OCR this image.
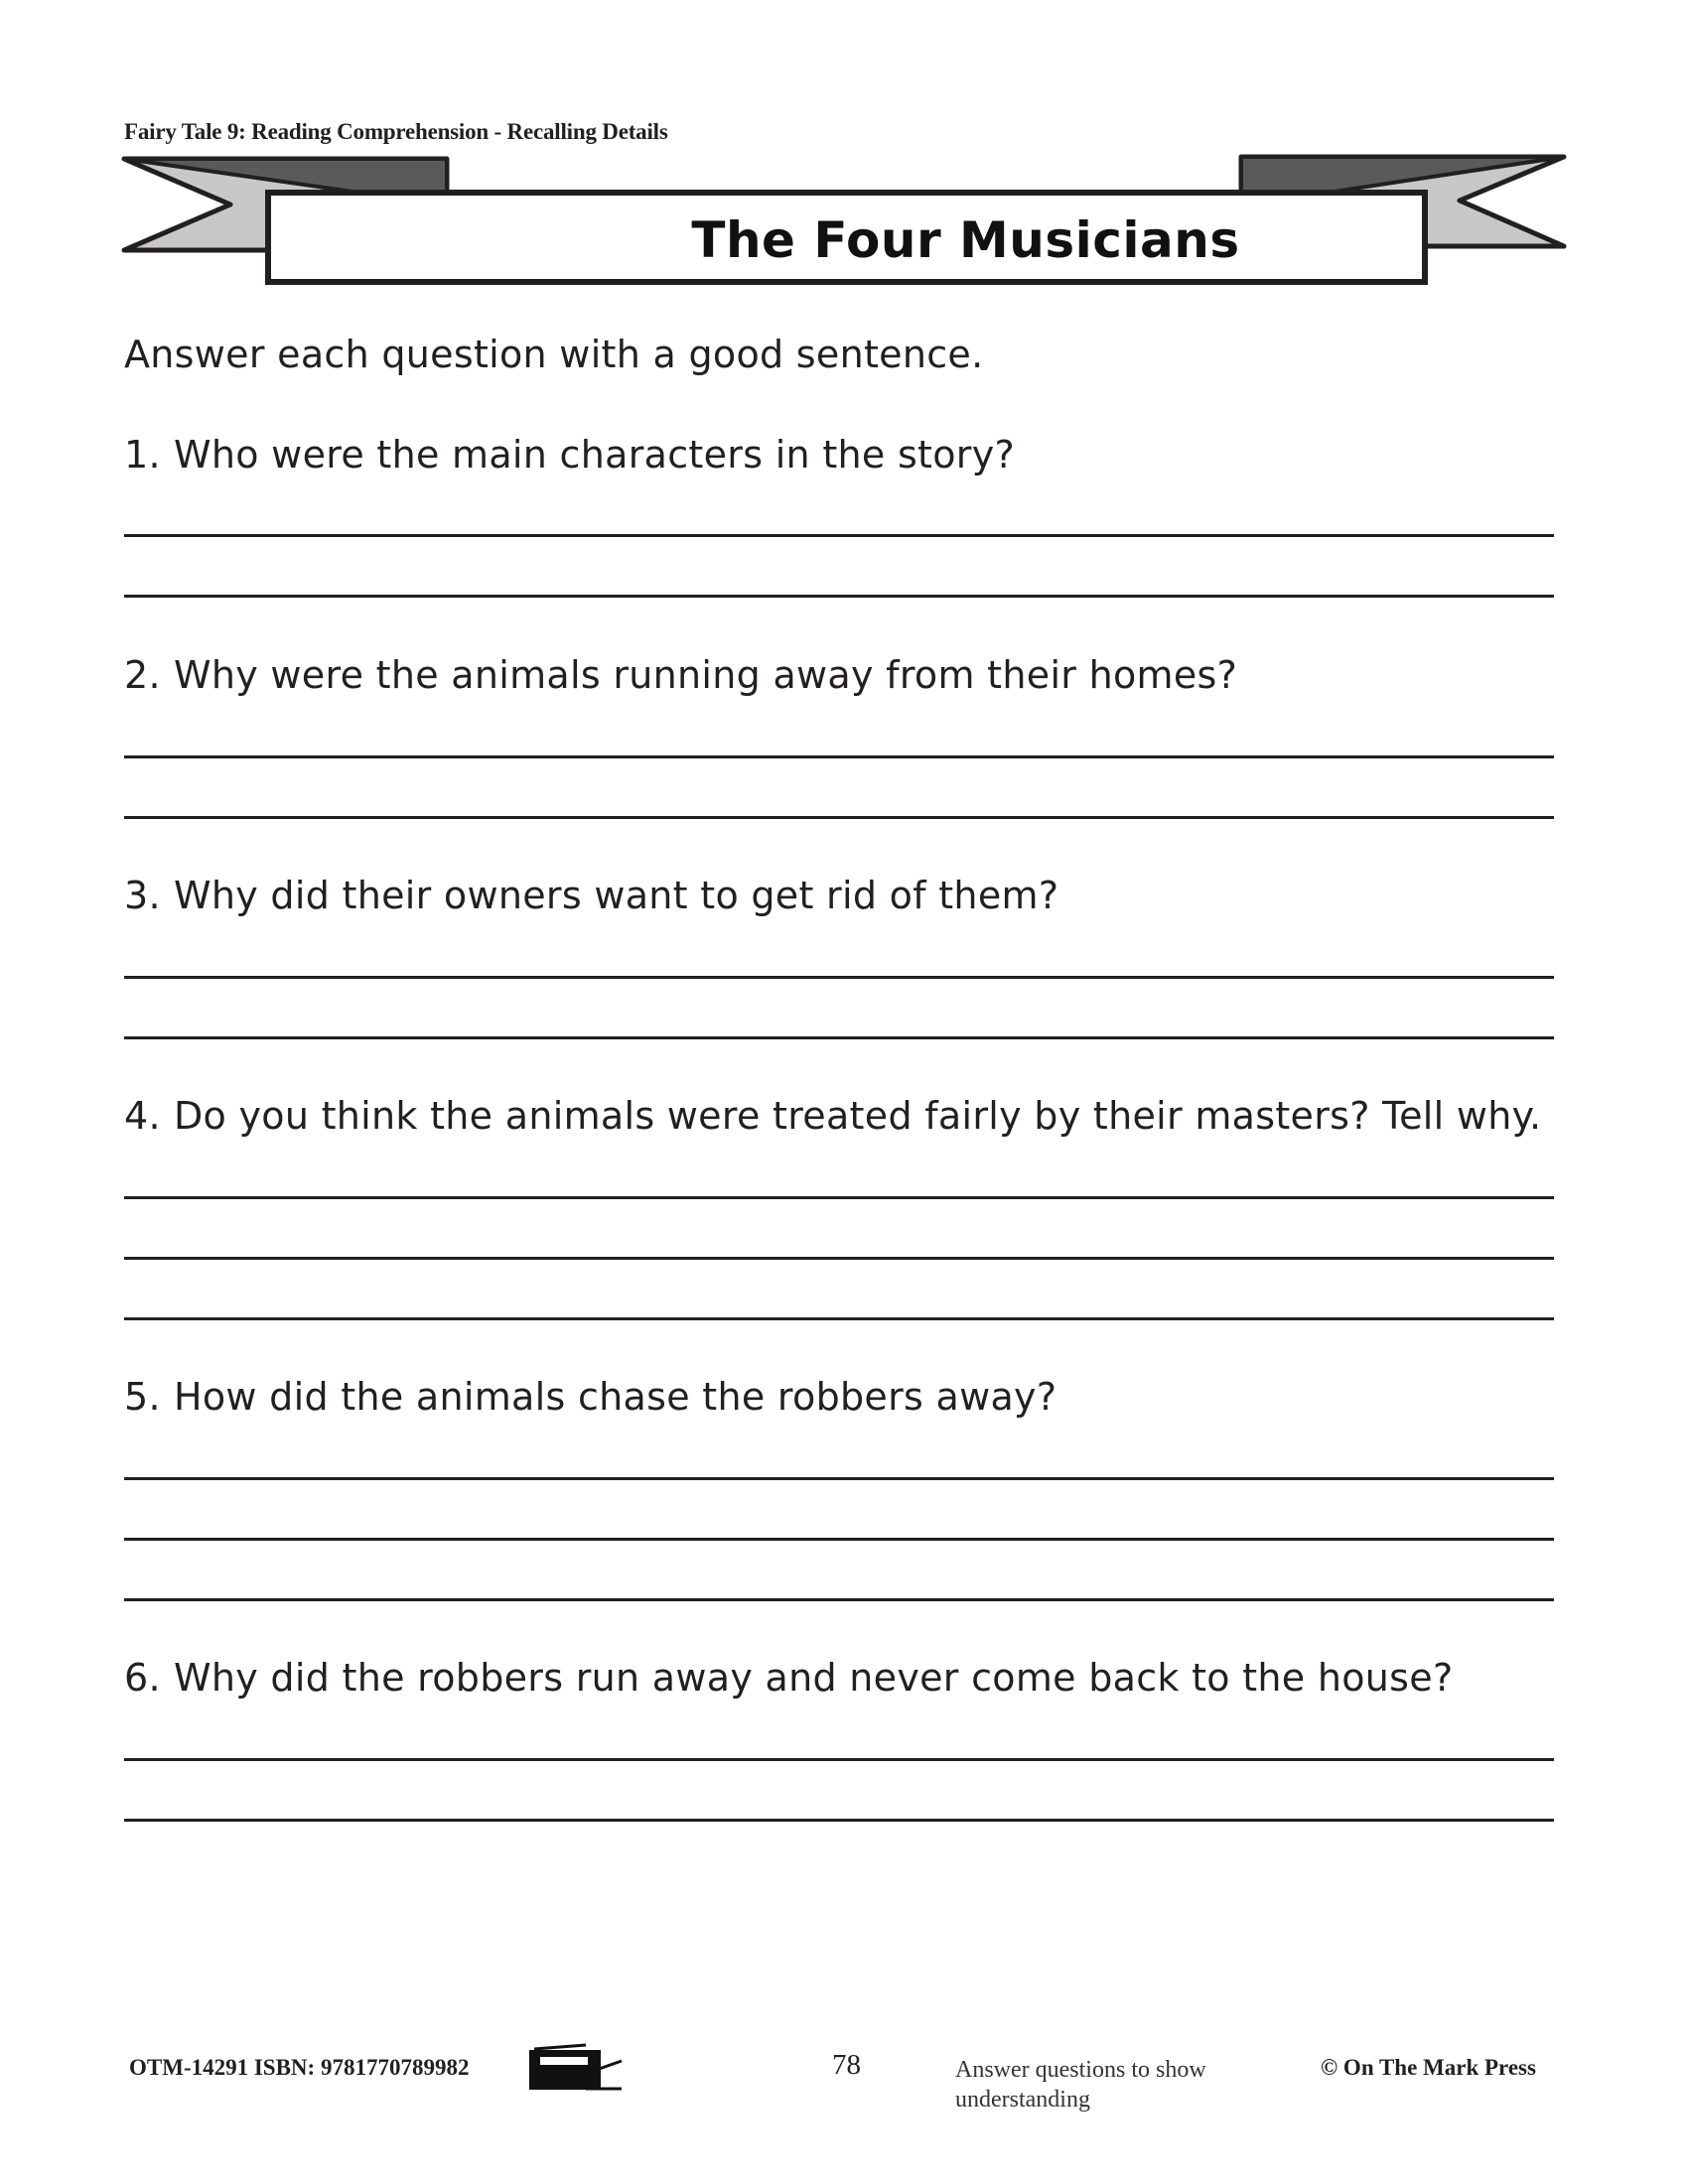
Fairy Tale 9: Reading Comprehension - Recalling Details
The Four Musicians
Answer each question with a good sentence.
1. Who were the main characters in the story?
2. Why were the animals running away from their homes?
3. Why did their owners want to get rid of them?
4. Do you think the animals were treated fairly by their masters? Tell why.
5. How did the animals chase the robbers away?
6. Why did the robbers run away and never come back to the house?
OTM-14291 ISBN: 9781770789982	78	Answer questions to show understanding
© On The Mark Press
